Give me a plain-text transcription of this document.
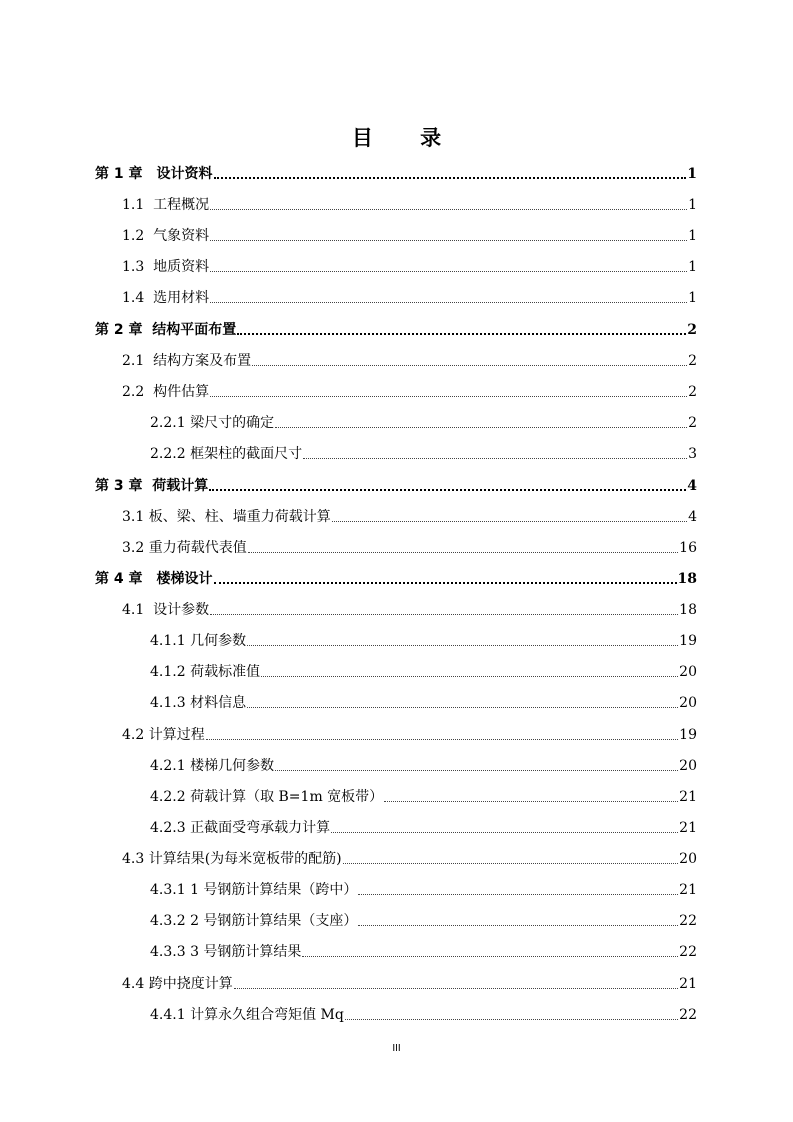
目 录
第 1 章　设计资料	1
1.1  工程概况	1
1.2  气象资料	1
1.3  地质资料	1
1.4  选用材料	1
第 2 章  结构平面布置	2
2.1  结构方案及布置	2
2.2  构件估算	2
2.2.1 梁尺寸的确定	2
2.2.2 框架柱的截面尺寸	3
第 3 章  荷载计算	4
3.1 板、梁、柱、墙重力荷载计算	4
3.2 重力荷载代表值	16
第 4 章　楼梯设计	18
4.1  设计参数	18
4.1.1 几何参数	19
4.1.2 荷载标准值	20
4.1.3 材料信息	20
4.2 计算过程	19
4.2.1 楼梯几何参数	20
4.2.2 荷载计算（取 B=1m 宽板带）	21
4.2.3 正截面受弯承载力计算	21
4.3 计算结果(为每米宽板带的配筋)	20
4.3.1 1 号钢筋计算结果（跨中）	21
4.3.2 2 号钢筋计算结果（支座）	22
4.3.3 3 号钢筋计算结果	22
4.4 跨中挠度计算	21
4.4.1 计算永久组合弯矩值 Mq	22
III
